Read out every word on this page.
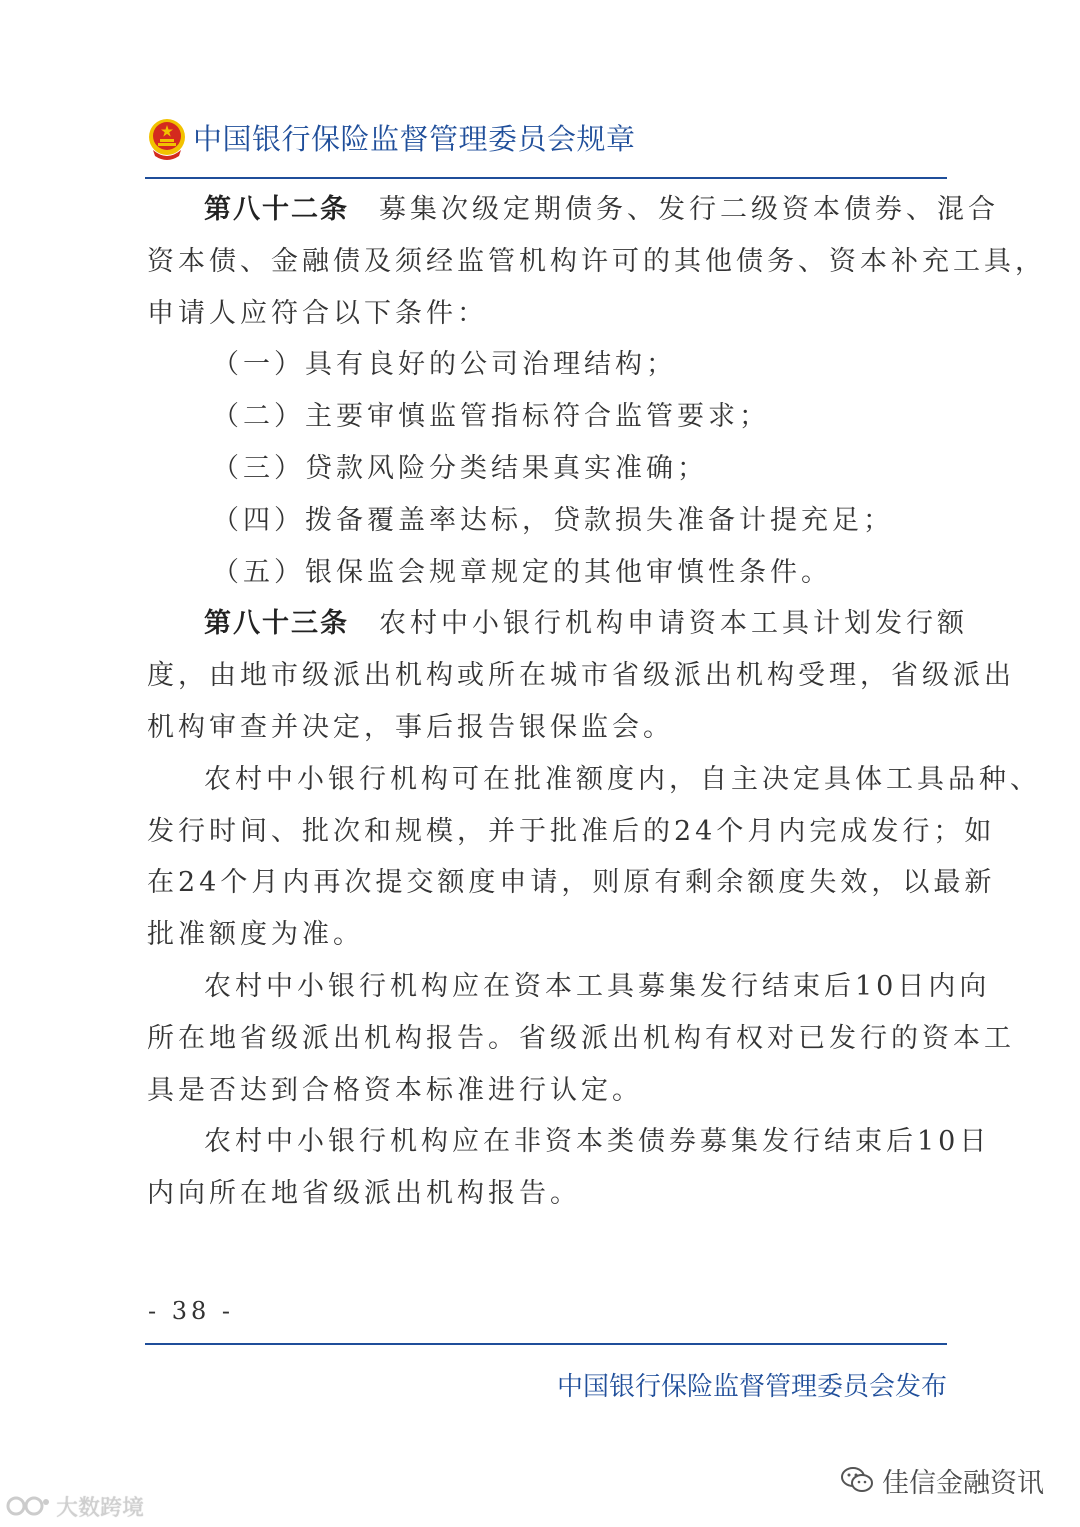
中国银行保险监督管理委员会规章
第八十二条 募集次级定期债务、发行二级资本债券、混合
资本债、金融债及须经监管机构许可的其他债务、资本补充工具，
申请人应符合以下条件：
（一）具有良好的公司治理结构；
（二）主要审慎监管指标符合监管要求；
（三）贷款风险分类结果真实准确；
（四）拨备覆盖率达标，贷款损失准备计提充足；
（五）银保监会规章规定的其他审慎性条件。
第八十三条 农村中小银行机构申请资本工具计划发行额
度，由地市级派出机构或所在城市省级派出机构受理，省级派出
机构审查并决定，事后报告银保监会。
农村中小银行机构可在批准额度内，自主决定具体工具品种、
发行时间、批次和规模，并于批准后的24个月内完成发行；如
在24个月内再次提交额度申请，则原有剩余额度失效，以最新
批准额度为准。
农村中小银行机构应在资本工具募集发行结束后10日内向
所在地省级派出机构报告。省级派出机构有权对已发行的资本工
具是否达到合格资本标准进行认定。
农村中小银行机构应在非资本类债券募集发行结束后10日
内向所在地省级派出机构报告。
- 38 -
中国银行保险监督管理委员会发布
佳信金融资讯
大数跨境
